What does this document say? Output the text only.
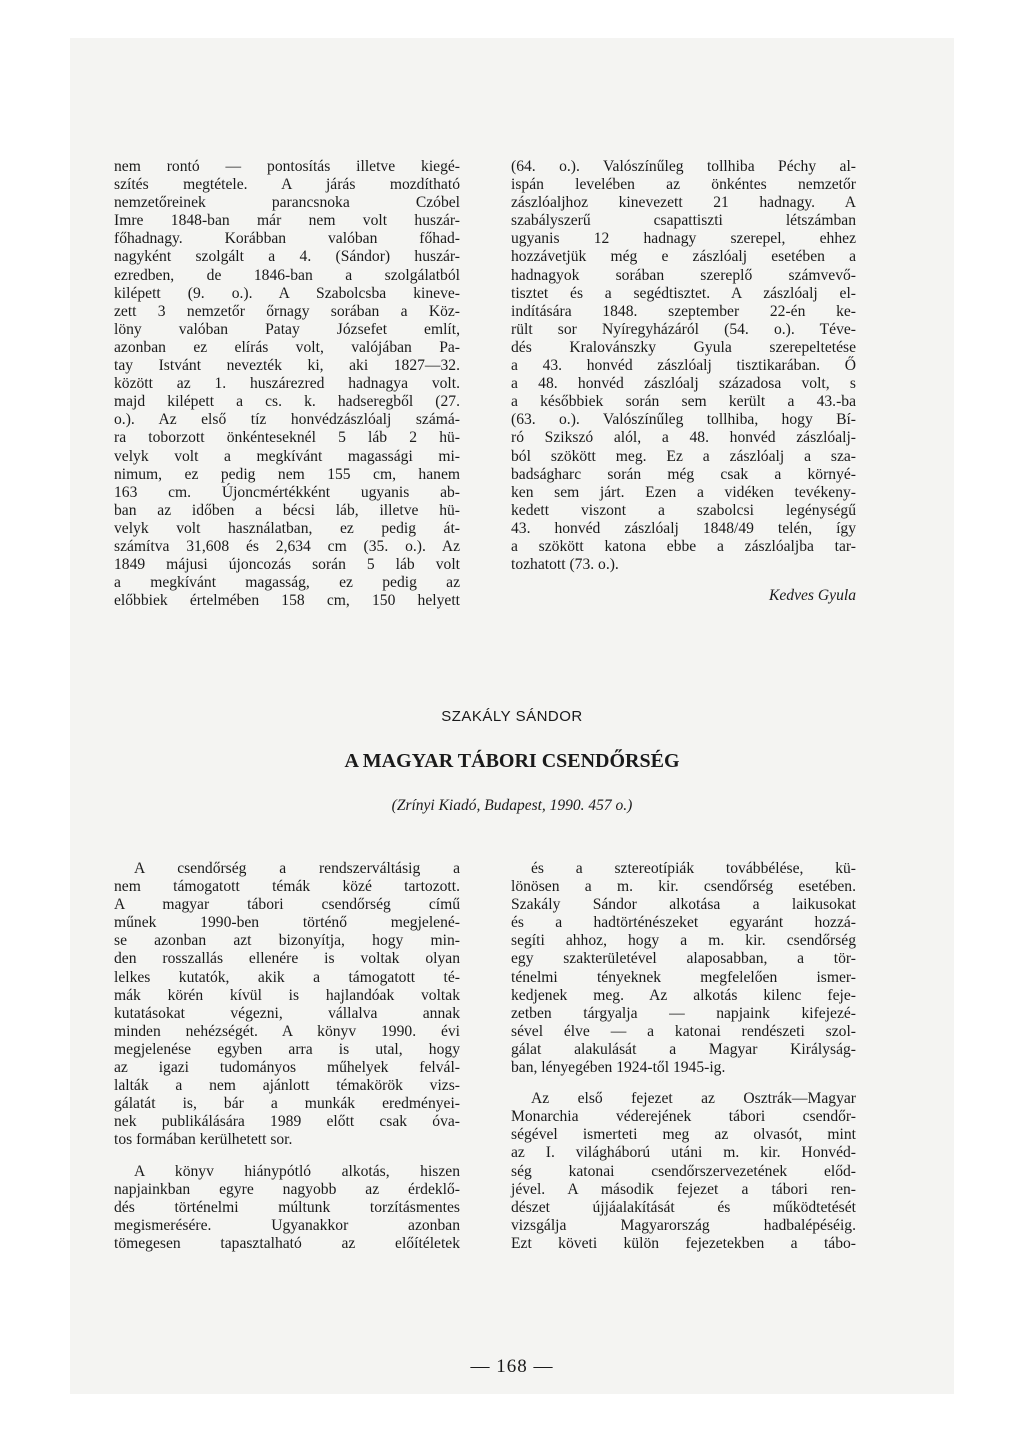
nem rontó — pontosítás illetve kiegé-
szítés megtétele. A járás mozdítható
nemzetőreinek parancsnoka Czóbel
Imre 1848-ban már nem volt huszár-
főhadnagy. Korábban valóban főhad-
nagyként szolgált a 4. (Sándor) huszár-
ezredben, de 1846-ban a szolgálatból
kilépett (9. o.). A Szabolcsba kineve-
zett 3 nemzetőr őrnagy sorában a Köz-
löny valóban Patay Józsefet említ,
azonban ez elírás volt, valójában Pa-
tay Istvánt nevezték ki, aki 1827—32.
között az 1. huszárezred hadnagya volt.
majd kilépett a cs. k. hadseregből (27.
o.). Az első tíz honvédzászlóalj számá-
ra toborzott önkénteseknél 5 láb 2 hü-
velyk volt a megkívánt magassági mi-
nimum, ez pedig nem 155 cm, hanem
163 cm. Újoncmértékként ugyanis ab-
ban az időben a bécsi láb, illetve hü-
velyk volt használatban, ez pedig át-
számítva 31,608 és 2,634 cm (35. o.). Az
1849 májusi újoncozás során 5 láb volt
a megkívánt magasság, ez pedig az
előbbiek értelmében 158 cm, 150 helyett
(64. o.). Valószínűleg tollhiba Péchy al-
ispán levelében az önkéntes nemzetőr
zászlóaljhoz kinevezett 21 hadnagy. A
szabályszerű csapattiszti létszámban
ugyanis 12 hadnagy szerepel, ehhez
hozzávetjük még e zászlóalj esetében a
hadnagyok sorában szereplő számvevő-
tisztet és a segédtisztet. A zászlóalj el-
indítására 1848. szeptember 22-én ke-
rült sor Nyíregyházáról (54. o.). Téve-
dés Kralovánszky Gyula szerepeltetése
a 43. honvéd zászlóalj tisztikarában. Ő
a 48. honvéd zászlóalj századosa volt, s
a későbbiek során sem került a 43.-ba
(63. o.). Valószínűleg tollhiba, hogy Bí-
ró Szikszó alól, a 48. honvéd zászlóalj-
ból szökött meg. Ez a zászlóalj a sza-
badságharc során még csak a környé-
ken sem járt. Ezen a vidéken tevékeny-
kedett viszont a szabolcsi legénységű
43. honvéd zászlóalj 1848/49 telén, így
a szökött katona ebbe a zászlóaljba tar-
tozhatott (73. o.).
Kedves Gyula
SZAKÁLY SÁNDOR
A MAGYAR TÁBORI CSENDŐRSÉG
(Zrínyi Kiadó, Budapest, 1990. 457 o.)
A csendőrség a rendszerváltásig a
nem támogatott témák közé tartozott.
A magyar tábori csendőrség című
műnek 1990-ben történő megjelené-
se azonban azt bizonyítja, hogy min-
den rosszallás ellenére is voltak olyan
lelkes kutatók, akik a támogatott té-
mák körén kívül is hajlandóak voltak
kutatásokat végezni, vállalva annak
minden nehézségét. A könyv 1990. évi
megjelenése egyben arra is utal, hogy
az igazi tudományos műhelyek felvál-
lalták a nem ajánlott témakörök vizs-
gálatát is, bár a munkák eredményei-
nek publikálására 1989 előtt csak óva-
tos formában kerülhetett sor.
A könyv hiánypótló alkotás, hiszen
napjainkban egyre nagyobb az érdeklő-
dés történelmi múltunk torzításmentes
megismerésére. Ugyanakkor azonban
tömegesen tapasztalható az előítéletek
és a sztereotípiák továbbélése, kü-
lönösen a m. kir. csendőrség esetében.
Szakály Sándor alkotása a laikusokat
és a hadtörténészeket egyaránt hozzá-
segíti ahhoz, hogy a m. kir. csendőrség
egy szakterületével alaposabban, a tör-
ténelmi tényeknek megfelelően ismer-
kedjenek meg. Az alkotás kilenc feje-
zetben tárgyalja — napjaink kifejezé-
sével élve — a katonai rendészeti szol-
gálat alakulását a Magyar Királyság-
ban, lényegében 1924-től 1945-ig.
Az első fejezet az Osztrák—Magyar
Monarchia véderejének tábori csendőr-
ségével ismerteti meg az olvasót, mint
az I. világháború utáni m. kir. Honvéd-
ség katonai csendőrszervezetének előd-
jével. A második fejezet a tábori ren-
dészet újjáalakítását és működtetését
vizsgálja Magyarország hadbalépéséig.
Ezt követi külön fejezetekben a tábo-
— 168 —
